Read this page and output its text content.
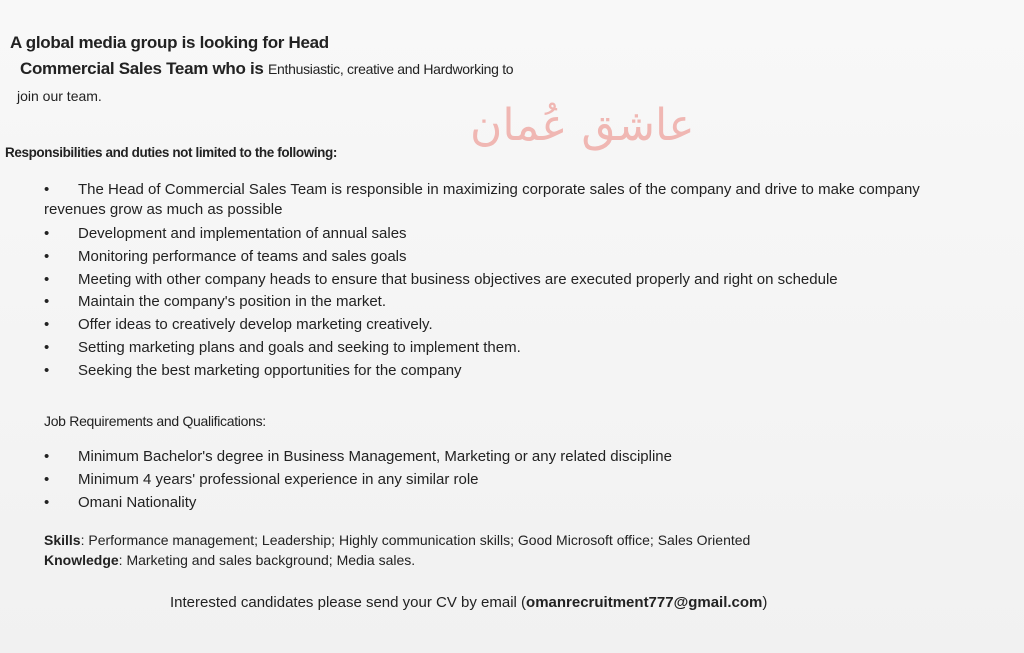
A global media group is looking for Head
Commercial Sales Team who is Enthusiastic, creative and Hardworking to
join our team.
عاشق عُمان
Responsibilities and duties not limited to the following:
• The Head of Commercial Sales Team is responsible in maximizing corporate sales of the company and drive to make company revenues grow as much as possible
• Development and implementation of annual sales
• Monitoring performance of teams and sales goals
• Meeting with other company heads to ensure that business objectives are executed properly and right on schedule
• Maintain the company's position in the market.
• Offer ideas to creatively develop marketing creatively.
• Setting marketing plans and goals and seeking to implement them.
• Seeking the best marketing opportunities for the company
Job Requirements and Qualifications:
• Minimum Bachelor's degree in Business Management, Marketing or any related discipline
• Minimum 4 years' professional experience in any similar role
• Omani Nationality
Skills: Performance management; Leadership; Highly communication skills; Good Microsoft office; Sales Oriented
Knowledge: Marketing and sales background; Media sales.
Interested candidates please send your CV by email (omanrecruitment777@gmail.com)
